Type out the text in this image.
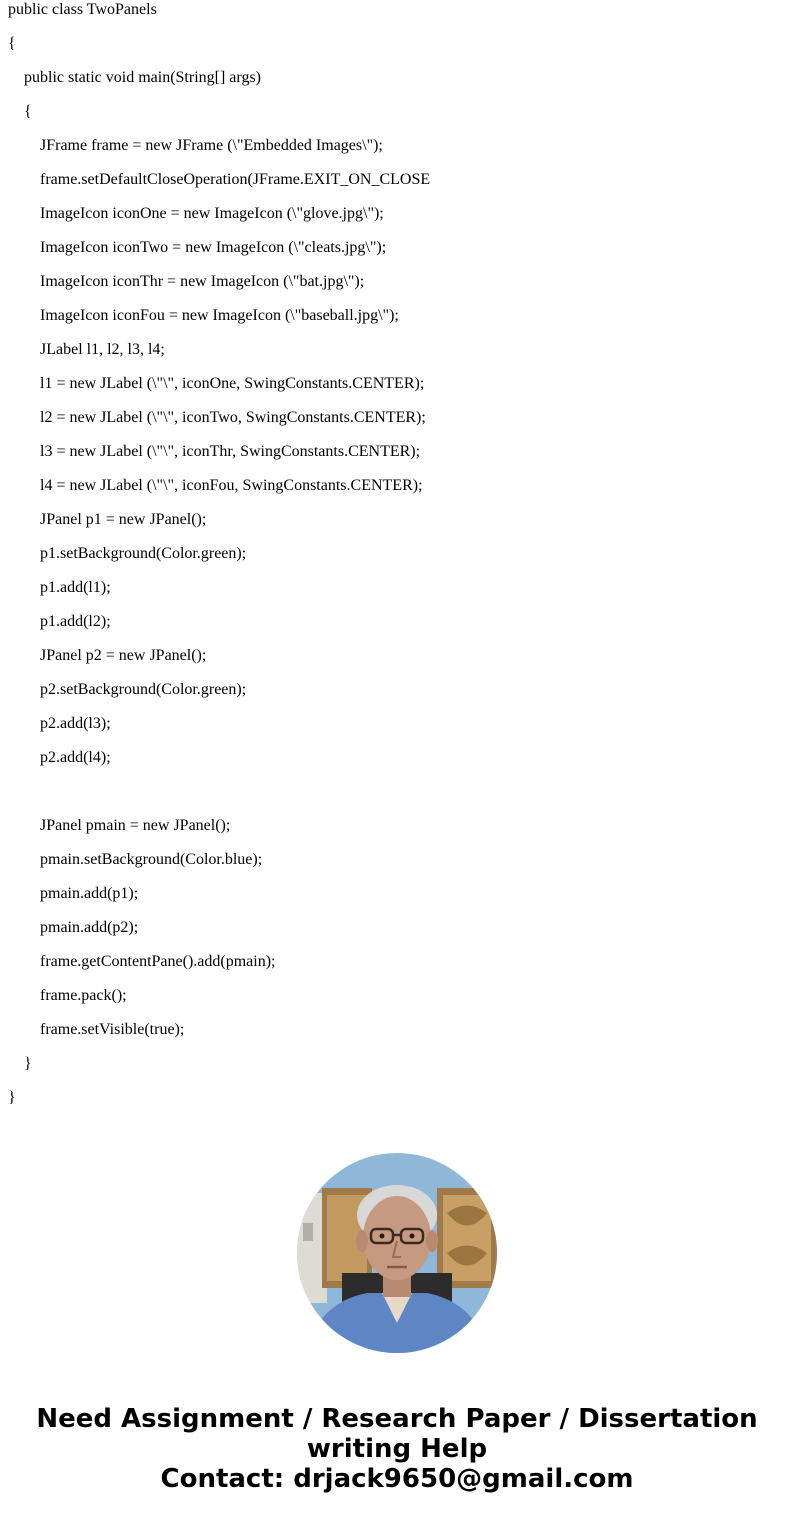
public class TwoPanels
{
public static void main(String[] args)
{
JFrame frame = new JFrame (\"Embedded Images\");
frame.setDefaultCloseOperation(JFrame.EXIT_ON_CLOSE
ImageIcon iconOne = new ImageIcon (\"glove.jpg\");
ImageIcon iconTwo = new ImageIcon (\"cleats.jpg\");
ImageIcon iconThr = new ImageIcon (\"bat.jpg\");
ImageIcon iconFou = new ImageIcon (\"baseball.jpg\");
JLabel l1, l2, l3, l4;
l1 = new JLabel (\"\", iconOne, SwingConstants.CENTER);
l2 = new JLabel (\"\", iconTwo, SwingConstants.CENTER);
l3 = new JLabel (\"\", iconThr, SwingConstants.CENTER);
l4 = new JLabel (\"\", iconFou, SwingConstants.CENTER);
JPanel p1 = new JPanel();
p1.setBackground(Color.green);
p1.add(l1);
p1.add(l2);
JPanel p2 = new JPanel();
p2.setBackground(Color.green);
p2.add(l3);
p2.add(l4);
JPanel pmain = new JPanel();
pmain.setBackground(Color.blue);
pmain.add(p1);
pmain.add(p2);
frame.getContentPane().add(pmain);
frame.pack();
frame.setVisible(true);
}
}
Need Assignment / Research Paper / Dissertation
writing Help
Contact: drjack9650@gmail.com
